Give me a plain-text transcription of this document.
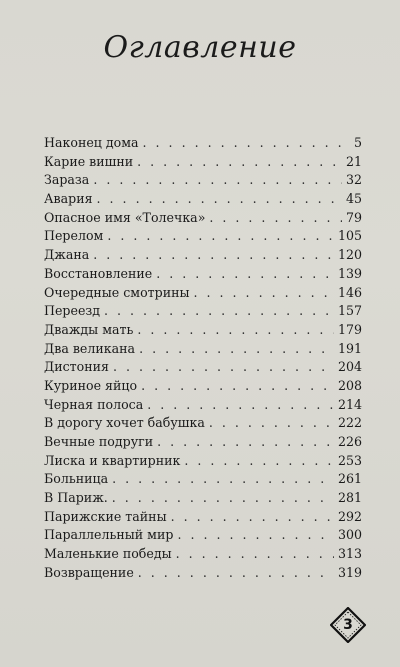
Оглавление
Наконец дома . . .	5
Карие вишни . . .	21
Зараза . . .	32
Авария . . .	45
Опасное имя «Толечка» . . .	79
Перелом . . .	105
Джана . . .	120
Восстановление . . .	139
Очередные смотрины . . .	146
Переезд . . .	157
Дважды мать . . .	179
Два великана . . .	191
Дистония . . .	204
Куриное яйцо . . .	208
Черная полоса . . .	214
В дорогу хочет бабушка . . .	222
Вечные подруги . . .	226
Лиска и квартирник . . .	253
Больница . . .	261
В Париж. . . .	281
Парижские тайны . . .	292
Параллельный мир . . .	300
Маленькие победы . . .	313
Возвращение . . .	319
3
